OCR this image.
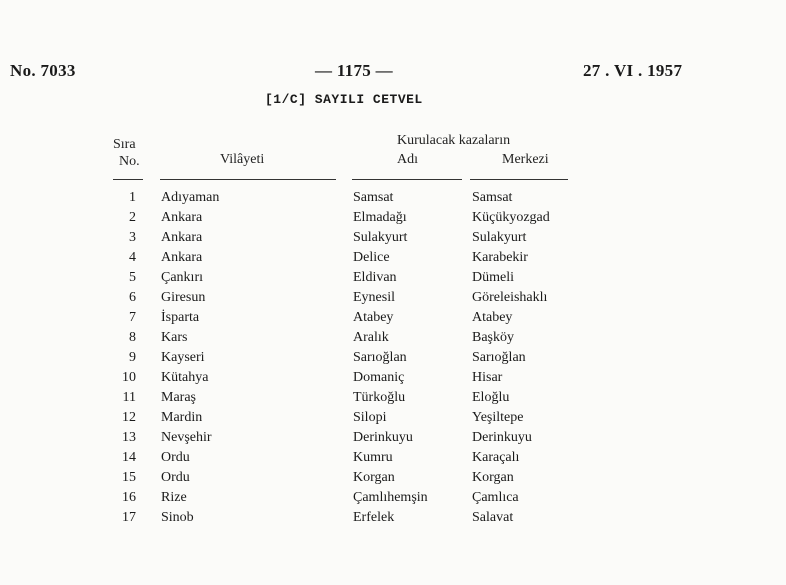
No. 7033	— 1175 —	27 . VI . 1957
[1/C] SAYILI CETVEL
Sıra
No.	Vilâyeti
Kurulacak kazaların
Adı	Merkezi
1 Adıyaman	Samsat	Samsat
2 Ankara	Elmadağı	Küçükyozgad
3 Ankara	Sulakyurt	Sulakyurt
4 Ankara	Delice	Karabekir
5 Çankırı	Eldivan	Dümeli
6 Giresun	Eynesil	Göreleishaklı
7 İsparta	Atabey	Atabey
8 Kars	Aralık	Başköy
9 Kayseri	Sarıoğlan	Sarıoğlan
10 Kütahya	Domaniç	Hisar
11 Maraş	Türkoğlu	Eloğlu
12 Mardin	Silopi	Yeşiltepe
13 Nevşehir	Derinkuyu	Derinkuyu
14 Ordu	Kumru	Karaçalı
15 Ordu	Korgan	Korgan
16 Rize	Çamlıhemşin	Çamlıca
17 Sinob	Erfelek	Salavat
